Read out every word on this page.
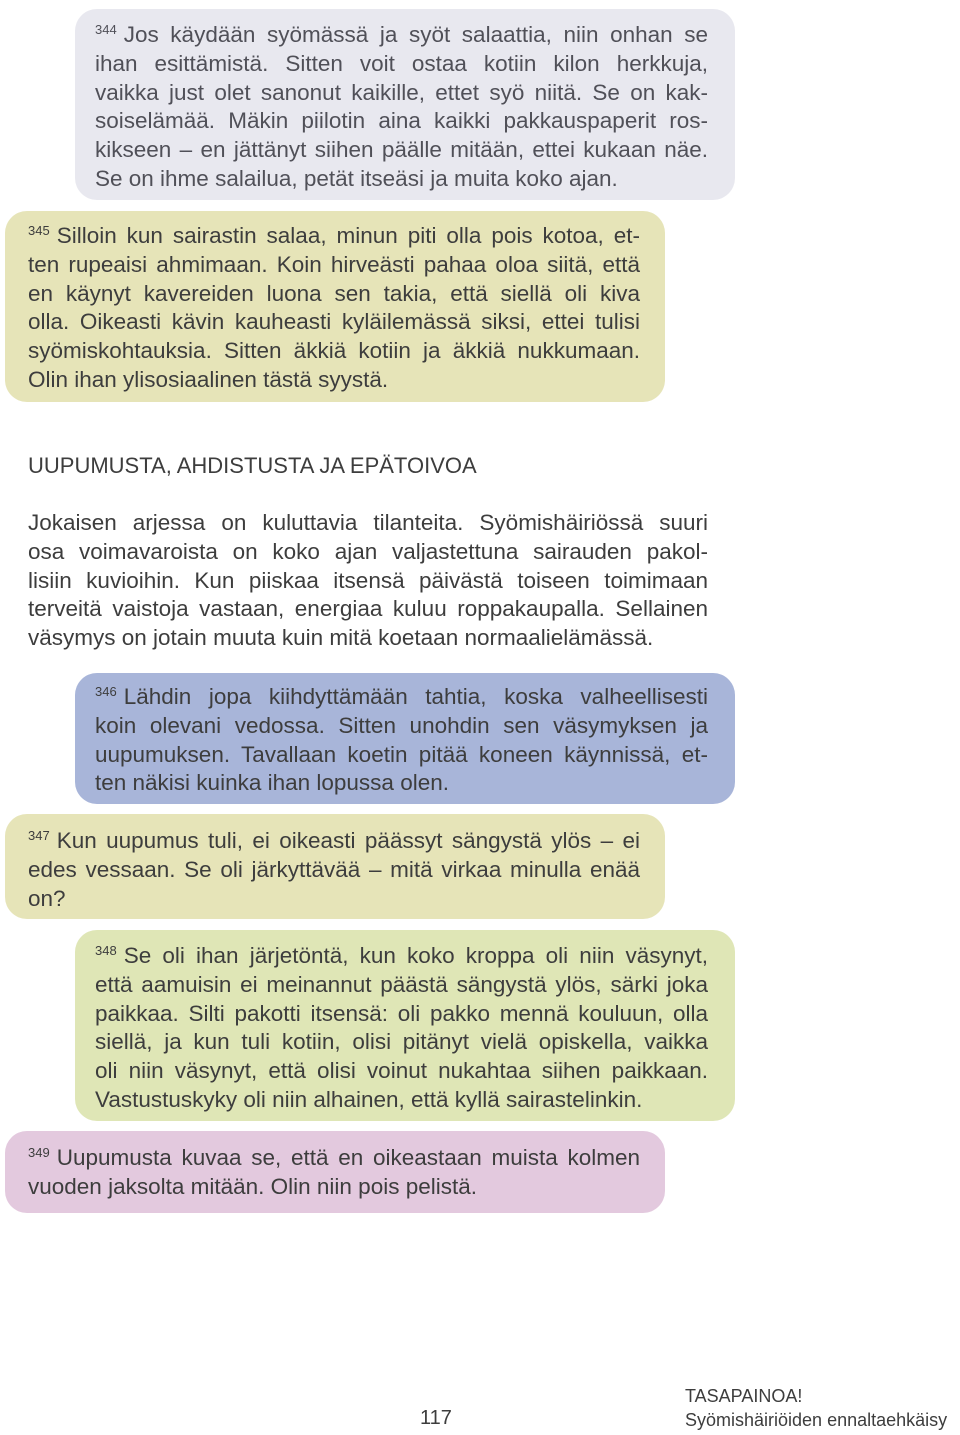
$^{344}$ Jos käydään syömässä ja syöt salaattia, niin onhan se
ihan esittämistä. Sitten voit ostaa kotiin kilon herkkuja,
vaikka just olet sanonut kaikille, ettet syö niitä. Se on kak-
soiselämää. Mäkin piilotin aina kaikki pakkauspaperit ros-
kikseen – en jättänyt siihen päälle mitään, ettei kukaan näe.
Se on ihme salailua, petät itseäsi ja muita koko ajan.
$^{345}$ Silloin kun sairastin salaa, minun piti olla pois kotoa, et-
ten rupeaisi ahmimaan. Koin hirveästi pahaa oloa siitä, että
en käynyt kavereiden luona sen takia, että siellä oli kiva
olla. Oikeasti kävin kauheasti kyläilemässä siksi, ettei tulisi
syömiskohtauksia. Sitten äkkiä kotiin ja äkkiä nukkumaan.
Olin ihan ylisosiaalinen tästä syystä.
UUPUMUSTA, AHDISTUSTA JA EPÄTOIVOA
Jokaisen arjessa on kuluttavia tilanteita. Syömishäiriössä suuri
osa voimavaroista on koko ajan valjastettuna sairauden pakol-
lisiin kuvioihin. Kun piiskaa itsensä päivästä toiseen toimimaan
terveitä vaistoja vastaan, energiaa kuluu roppakaupalla. Sellainen
väsymys on jotain muuta kuin mitä koetaan normaalielämässä.
$^{346}$ Lähdin jopa kiihdyttämään tahtia, koska valheellisesti
koin olevani vedossa. Sitten unohdin sen väsymyksen ja
uupumuksen. Tavallaan koetin pitää koneen käynnissä, et-
ten näkisi kuinka ihan lopussa olen.
$^{347}$ Kun uupumus tuli, ei oikeasti päässyt sängystä ylös – ei
edes vessaan. Se oli järkyttävää – mitä virkaa minulla enää
on?
$^{348}$ Se oli ihan järjetöntä, kun koko kroppa oli niin väsynyt,
että aamuisin ei meinannut päästä sängystä ylös, särki joka
paikkaa. Silti pakotti itsensä: oli pakko mennä kouluun, olla
siellä, ja kun tuli kotiin, olisi pitänyt vielä opiskella, vaikka
oli niin väsynyt, että olisi voinut nukahtaa siihen paikkaan.
Vastustuskyky oli niin alhainen, että kyllä sairastelinkin.
$^{349}$ Uupumusta kuvaa se, että en oikeastaan muista kolmen
vuoden jaksolta mitään. Olin niin pois pelistä.
117
TASAPAINOA!
Syömishäiriöiden ennaltaehkäisy
